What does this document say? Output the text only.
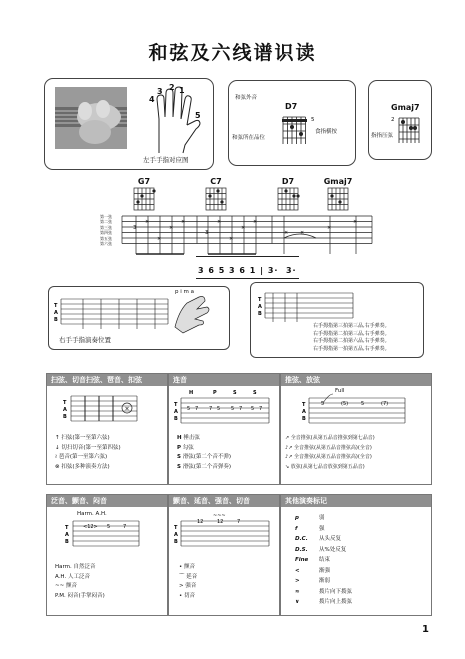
和弦及六线谱识读
4
3 2 1
5
左手手指对应图
和弦外音
D7
5
和弦所在品位
食指横按
Gmaj7
2
指指压弦
G7	C7	D7	Gmaj7
第一弦
第二弦
第三弦
第四弦
第五弦
第六弦
× ×
3
×
×
×
×
3
×
×
×
×
×
×
3 6 5 3 6 1 | 3·  3·
T
A
B
p i m a
右手手指演奏位置
T
A
B
右手拇指第三拍第三品,右手弹奏。
右手拇指第二拍第三品,右手弹奏。
右手拇指第二拍第六品,右手弹奏。
右手拇指第一拍第五品,右手弹奏。
扫弦、切音扫弦、琶音、扣弦
×
T
A
B
↑ 扫弦(第一至第六弦)
↓ 切扫切音(第一至第四弦)
≀ 琶音(第一至第六弦)
⊗ 扣弦(多种演奏方法)
连音
H	P	S	S
T
A
B
5 7 7 5 5 7 5 7
H 捶击弦
P 勾弦
S 滑弦(第二个音不弹)
S 滑弦(第二个音弹奏)
推弦、放弦
Full
T
A
B
5	(5)	5	(7)
↗ 全音推弦(从第五品音推弦到第七品音)
♪↗ 全音推弦(从第五品音推弦高)(全音)
♪↗ 全音推弦(从第五品音推弦高)(全音)
↘ 放弦(从第七品音放弦到第五品音)
泛音、颤音、闷音
Harm. A.H.
T
A
B
<12> 5	7
Harm. 自然泛音
A.H. 人工泛音
~~ 颤音
P.M. 闷音(手掌闷音)
颤音、延音、强音、切音
~~~
T
A
B
12	12	7
• 颤音
⌒ 延音
> 强音
• 切音
其他演奏标记
p	弱
f	强
D.C. 从头反复
D.S. 从%处反复
Fine 结束
<	渐强
>	渐弱
≈	拨片向下拨弦
∨	拨片向上拨弦
1
